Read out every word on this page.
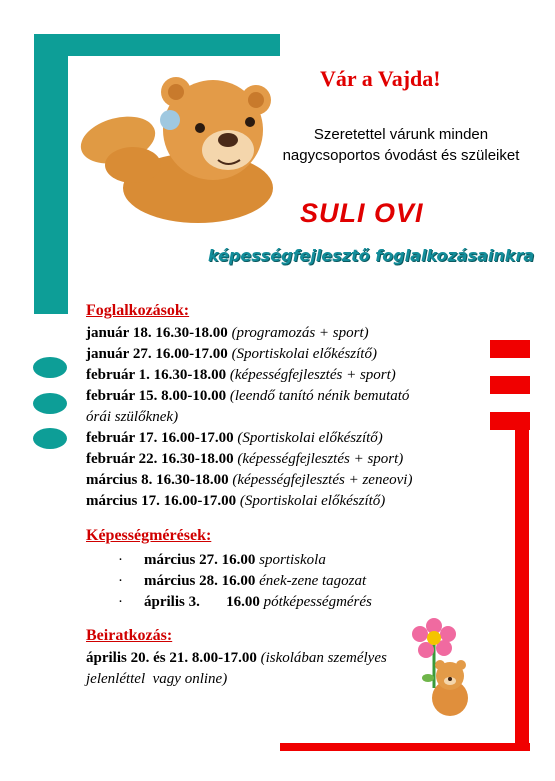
Vár a Vajda!
Szeretettel várunk minden nagycsoportos óvodást és szüleiket
SULI OVI
képességfejlesztő foglalkozásainkra
Foglalkozások:
január 18. 16.30-18.00 (programozás + sport)
január 27. 16.00-17.00 (Sportiskolai előkészítő)
február 1. 16.30-18.00 (képességfejlesztés + sport)
február 15. 8.00-10.00 (leendő tanító nénik bemutató
órái szülőknek)
február 17. 16.00-17.00 (Sportiskolai előkészítő)
február 22. 16.30-18.00 (képességfejlesztés + sport)
március 8. 16.30-18.00 (képességfejlesztés + zeneovi)
március 17. 16.00-17.00 (Sportiskolai előkészítő)
Képességmérések:
· március 27. 16.00 sportiskola
· március 28. 16.00 ének-zene tagozat
· április 3.       16.00 pótképességmérés
Beiratkozás:
április 20. és 21. 8.00-17.00 (iskolában személyes
jelenléttel  vagy online)
